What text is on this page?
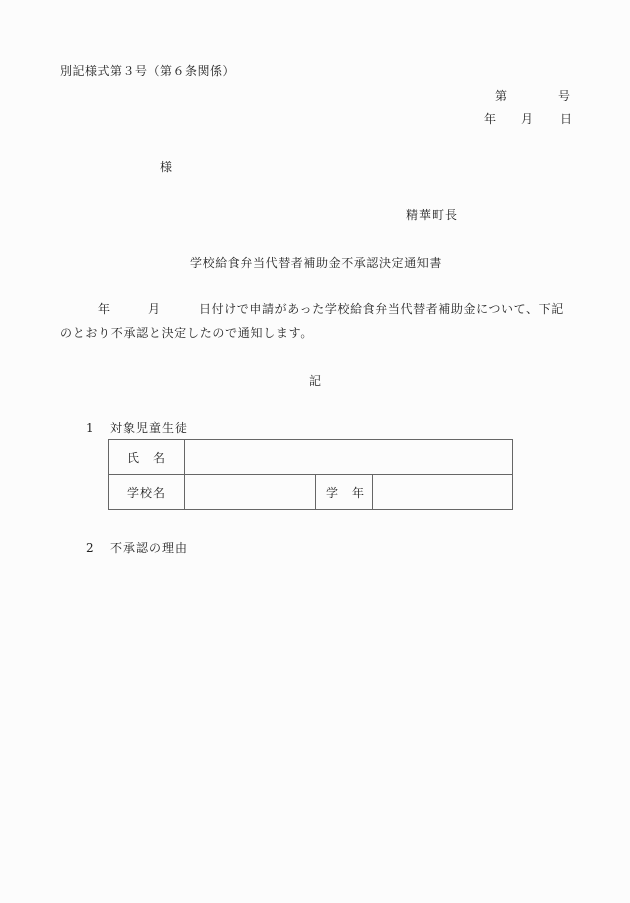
別記様式第３号（第６条関係）
第	号
年 月 日
様
精華町長
学校給食弁当代替者補助金不承認決定通知書
年	月	日付けで申請があった学校給食弁当代替者補助金について、下記
のとおり不承認と決定したので通知します。
記
1 対象児童生徒
氏　名			
学校名		学　年	
2 不承認の理由
